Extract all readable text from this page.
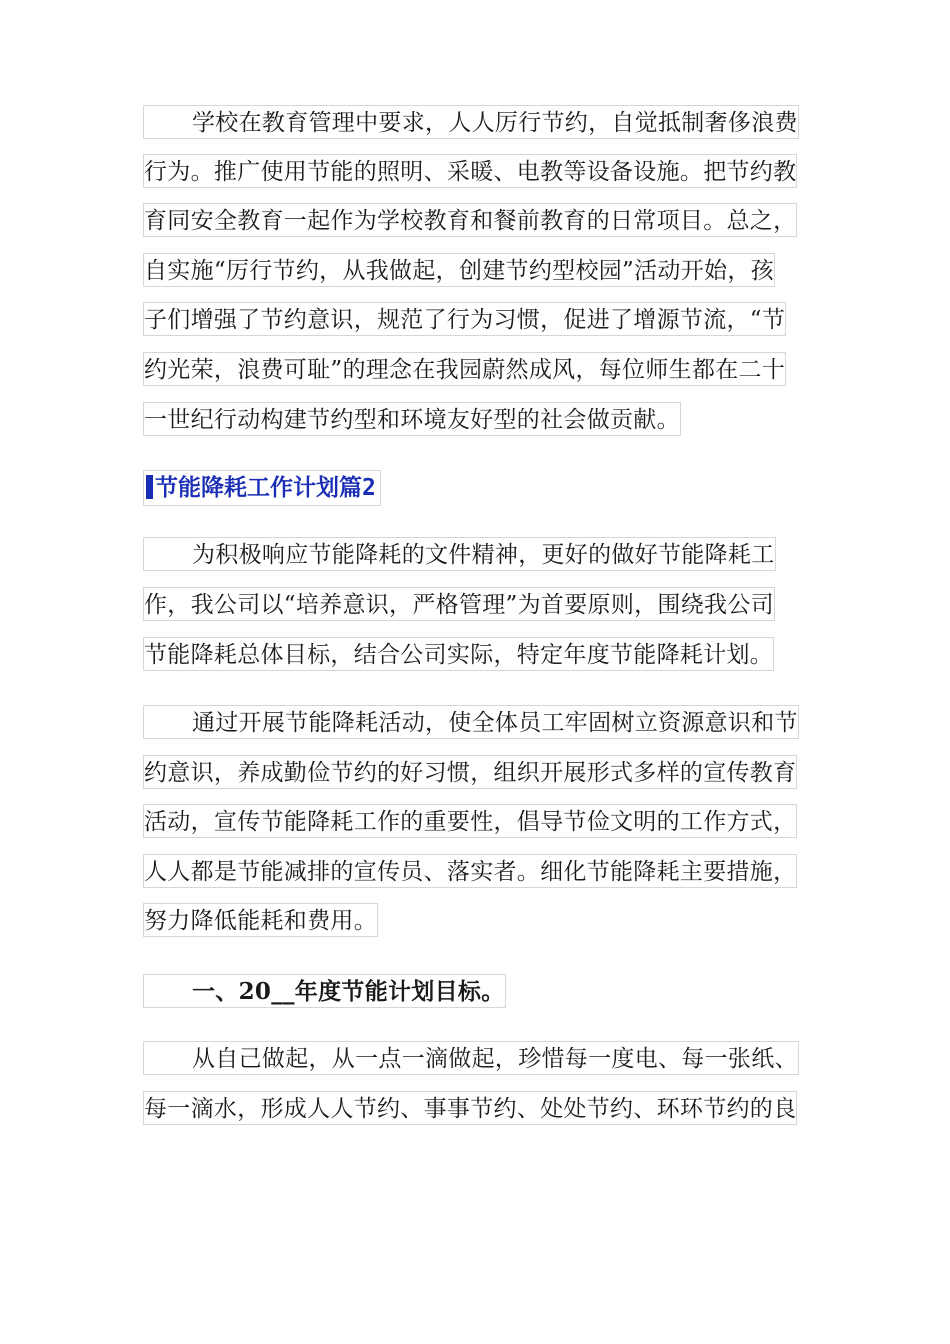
学校在教育管理中要求，人人厉行节约，自觉抵制奢侈浪费
行为。推广使用节能的照明、采暖、电教等设备设施。把节约教
育同安全教育一起作为学校教育和餐前教育的日常项目。总之，
自实施“厉行节约，从我做起，创建节约型校园”活动开始，孩
子们增强了节约意识，规范了行为习惯，促进了增源节流，“节
约光荣，浪费可耻”的理念在我园蔚然成风，每位师生都在二十
一世纪行动构建节约型和环境友好型的社会做贡献。
节能降耗工作计划篇2
为积极响应节能降耗的文件精神，更好的做好节能降耗工
作，我公司以“培养意识，严格管理”为首要原则，围绕我公司
节能降耗总体目标，结合公司实际，特定年度节能降耗计划。
通过开展节能降耗活动，使全体员工牢固树立资源意识和节
约意识，养成勤俭节约的好习惯，组织开展形式多样的宣传教育
活动，宣传节能降耗工作的重要性，倡导节俭文明的工作方式，
人人都是节能减排的宣传员、落实者。细化节能降耗主要措施，
努力降低能耗和费用。
一、20__年度节能计划目标。
从自己做起，从一点一滴做起，珍惜每一度电、每一张纸、
每一滴水，形成人人节约、事事节约、处处节约、环环节约的良
